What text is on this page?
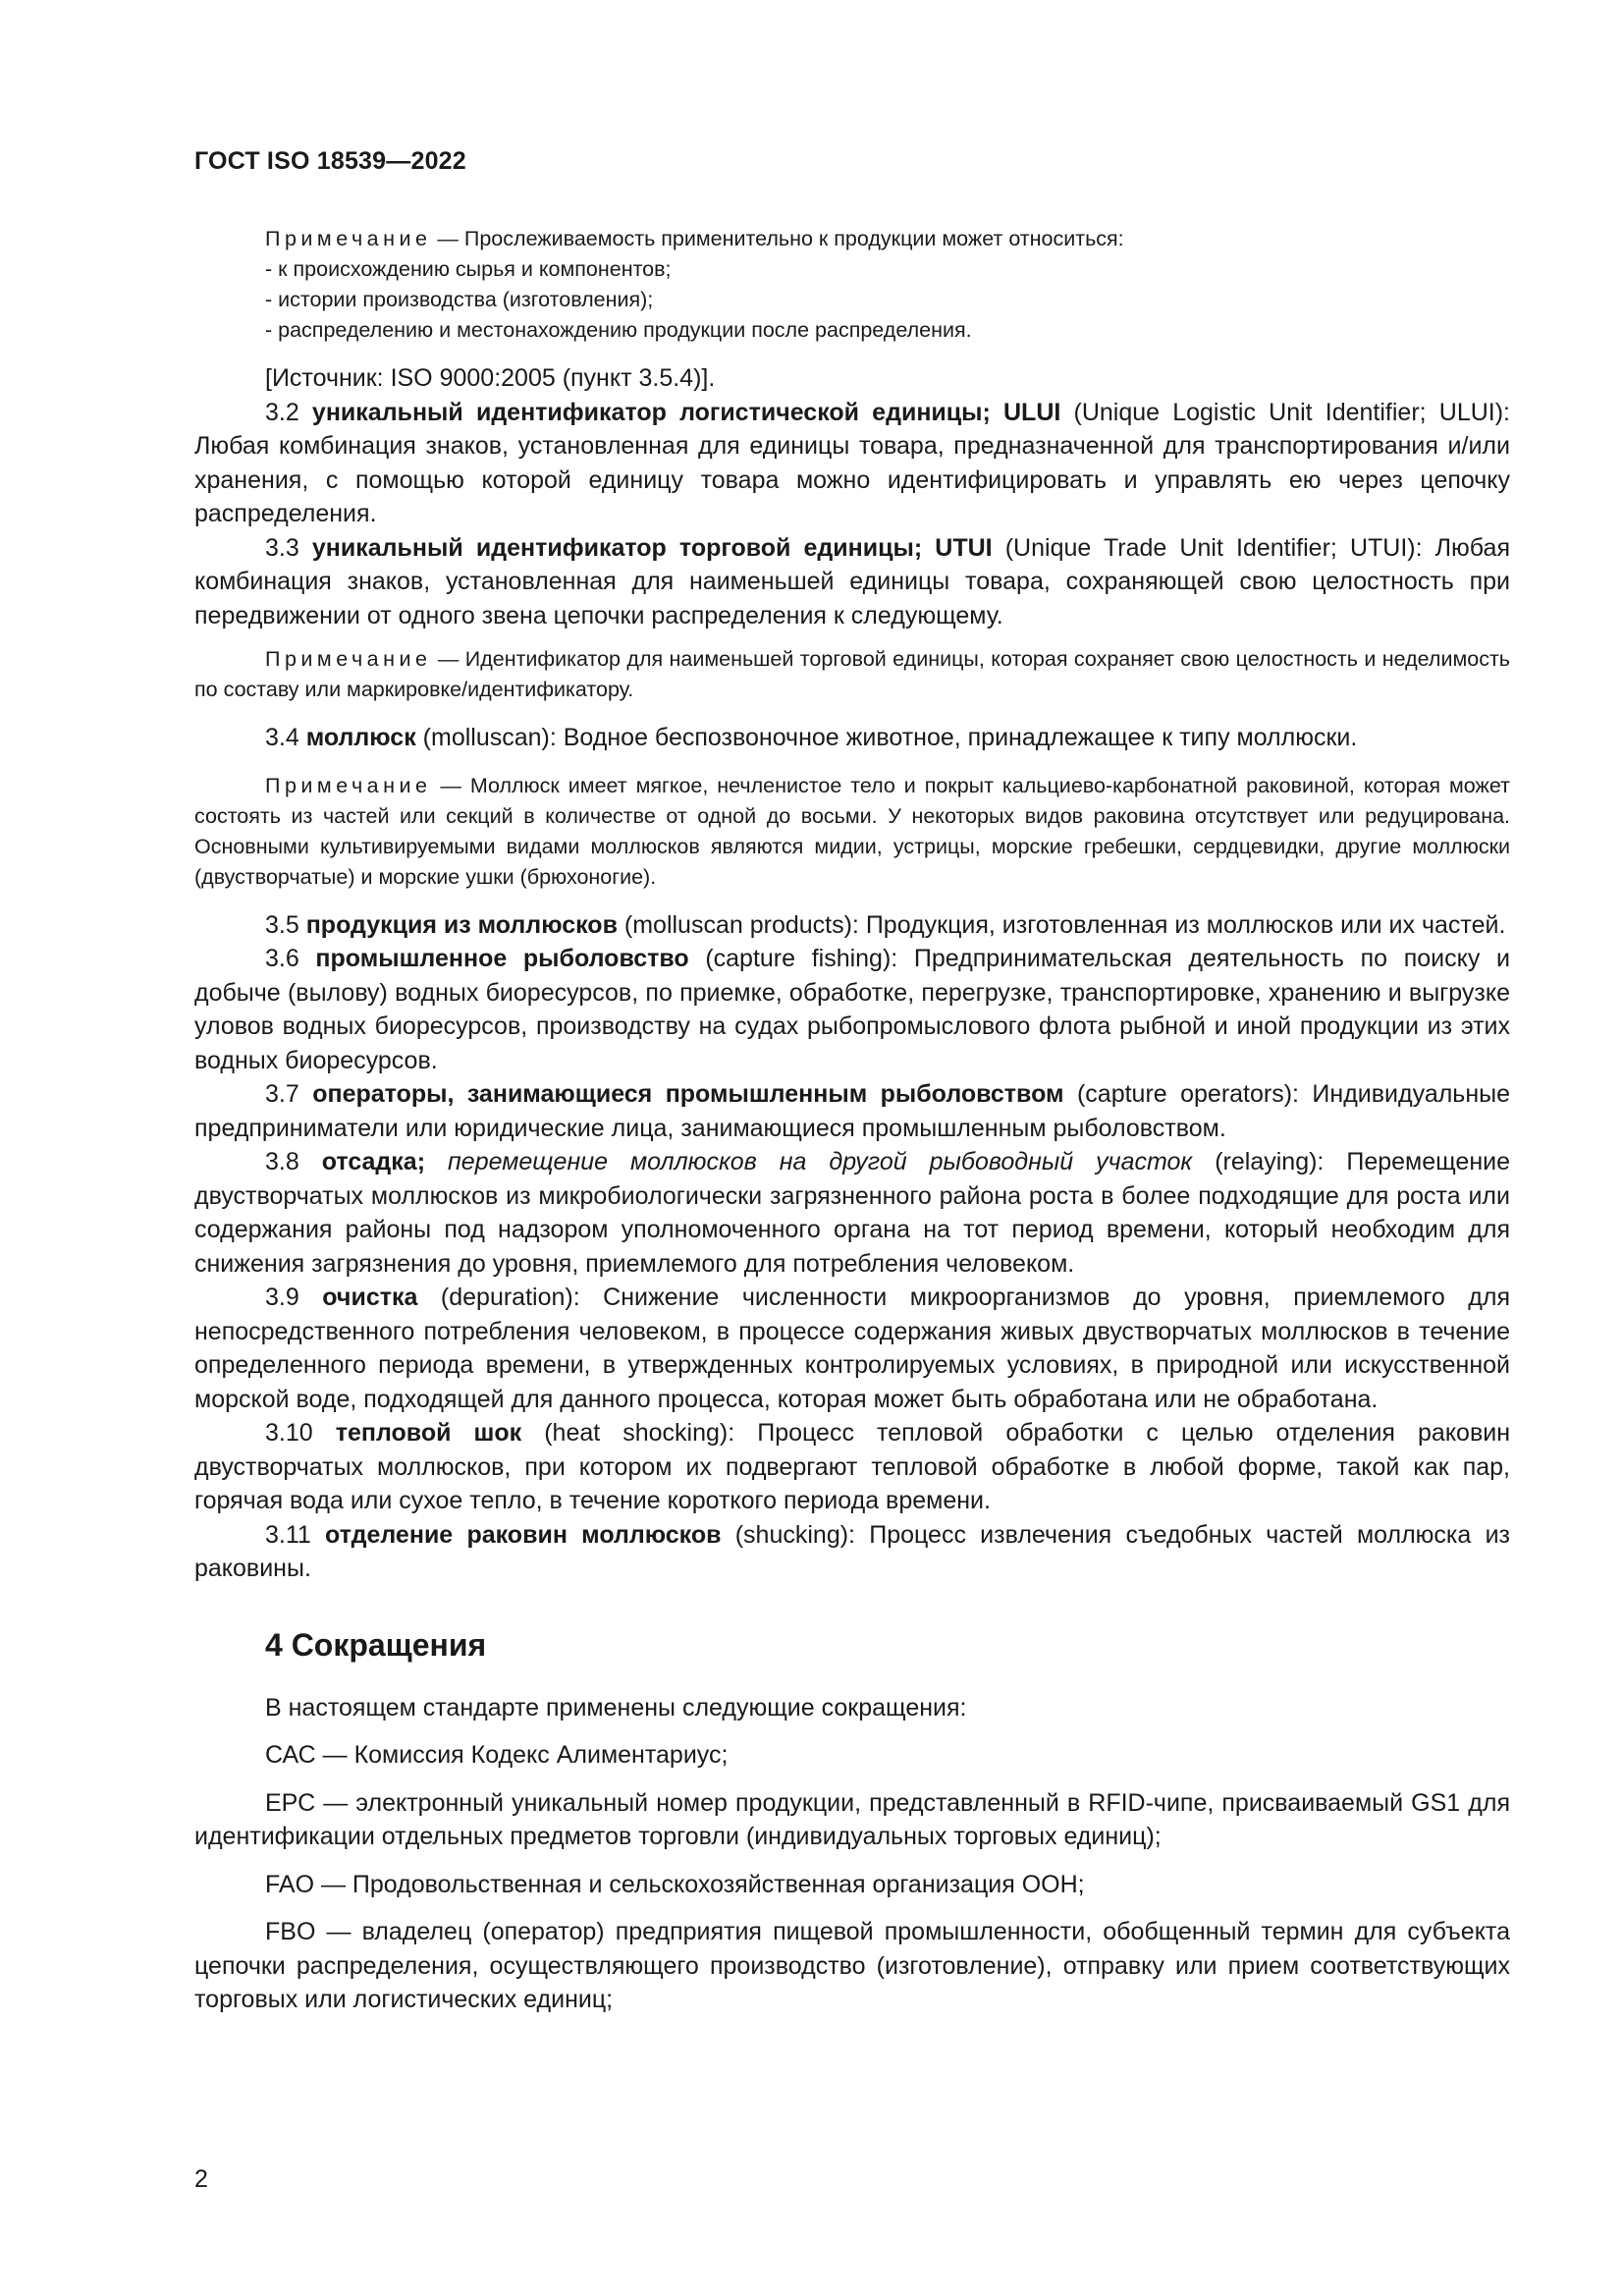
ГОСТ ISO 18539—2022

Примечание — Прослеживаемость применительно к продукции может относиться:

- к происхождению сырья и компонентов;

- истории производства (изготовления);

- распределению и местонахождению продукции после распределения.

[Источник: ISO 9000:2005 (пункт 3.5.4)].

3.2 уникальный идентификатор логистической единицы; ULUI (Unique Logistic Unit Identifier; ULUI): Любая комбинация знаков, установленная для единицы товара, предназначенной для транспортирования и/или хранения, с помощью которой единицу товара можно идентифицировать и управлять ею через цепочку распределения.

3.3 уникальный идентификатор торговой единицы; UTUI (Unique Trade Unit Identifier; UTUI): Любая комбинация знаков, установленная для наименьшей единицы товара, сохраняющей свою целостность при передвижении от одного звена цепочки распределения к следующему.

Примечание — Идентификатор для наименьшей торговой единицы, которая сохраняет свою целостность и неделимость по составу или маркировке/идентификатору.

3.4 моллюск (molluscan): Водное беспозвоночное животное, принадлежащее к типу моллюски.

Примечание — Моллюск имеет мягкое, нечленистое тело и покрыт кальциево-карбонатной раковиной, которая может состоять из частей или секций в количестве от одной до восьми. У некоторых видов раковина отсутствует или редуцирована. Основными культивируемыми видами моллюсков являются мидии, устрицы, морские гребешки, сердцевидки, другие моллюски (двустворчатые) и морские ушки (брюхоногие).

3.5 продукция из моллюсков (molluscan products): Продукция, изготовленная из моллюсков или их частей.

3.6 промышленное рыболовство (capture fishing): Предпринимательская деятельность по поиску и добыче (вылову) водных биоресурсов, по приемке, обработке, перегрузке, транспортировке, хранению и выгрузке уловов водных биоресурсов, производству на судах рыбопромыслового флота рыбной и иной продукции из этих водных биоресурсов.

3.7 операторы, занимающиеся промышленным рыболовством (capture operators): Индивидуальные предприниматели или юридические лица, занимающиеся промышленным рыболовством.

3.8 отсадка; перемещение моллюсков на другой рыбоводный участок (relaying): Перемещение двустворчатых моллюсков из микробиологически загрязненного района роста в более подходящие для роста или содержания районы под надзором уполномоченного органа на тот период времени, который необходим для снижения загрязнения до уровня, приемлемого для потребления человеком.

3.9 очистка (depuration): Снижение численности микроорганизмов до уровня, приемлемого для непосредственного потребления человеком, в процессе содержания живых двустворчатых моллюсков в течение определенного периода времени, в утвержденных контролируемых условиях, в природной или искусственной морской воде, подходящей для данного процесса, которая может быть обработана или не обработана.

3.10 тепловой шок (heat shocking): Процесс тепловой обработки с целью отделения раковин двустворчатых моллюсков, при котором их подвергают тепловой обработке в любой форме, такой как пар, горячая вода или сухое тепло, в течение короткого периода времени.

3.11 отделение раковин моллюсков (shucking): Процесс извлечения съедобных частей моллюска из раковины.

4 Сокращения

В настоящем стандарте применены следующие сокращения:

САС — Комиссия Кодекс Алиментариус;

ЕРС — электронный уникальный номер продукции, представленный в RFID-чипе, присваиваемый GS1 для идентификации отдельных предметов торговли (индивидуальных торговых единиц);

FAO — Продовольственная и сельскохозяйственная организация ООН;

FBO — владелец (оператор) предприятия пищевой промышленности, обобщенный термин для субъекта цепочки распределения, осуществляющего производство (изготовление), отправку или прием соответствующих торговых или логистических единиц;

2
